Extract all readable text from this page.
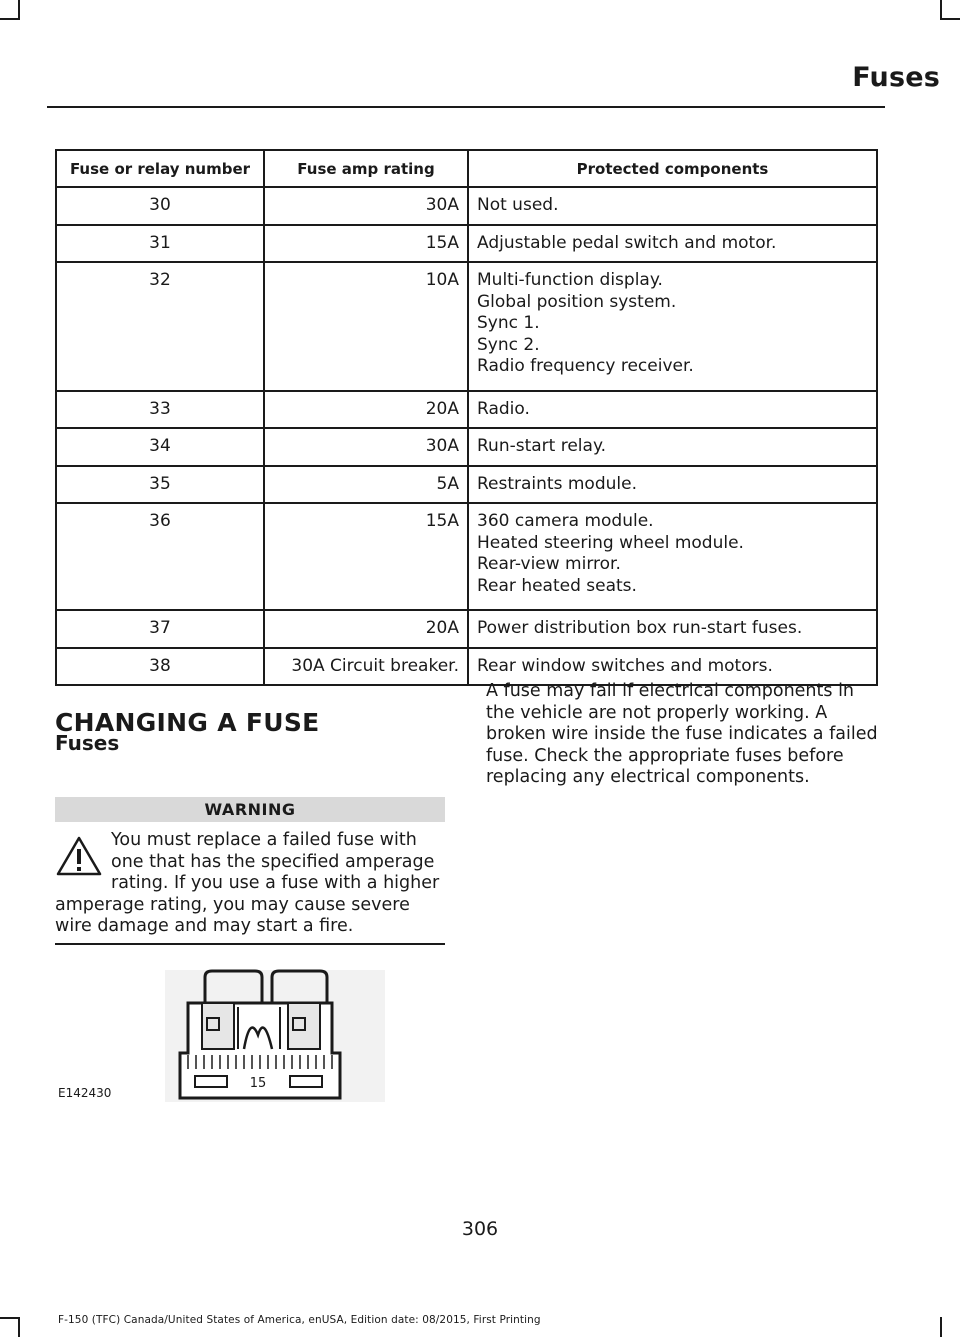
Fuses
Fuse or relay number	Fuse amp rating	Protected components
30	30A	Not used.

31	15A	Adjustable pedal switch and motor.

32	10A	Multi-function display.
Global position system.
Sync 1.
Sync 2.
Radio frequency receiver.

33	20A	Radio.

34	30A	Run-start relay.

35	5A	Restraints module.

36	15A	360 camera module.
Heated steering wheel module.
Rear-view mirror.
Rear heated seats.

37	20A	Power distribution box run-start fuses.

38	30A Circuit breaker.	Rear window switches and motors.
CHANGING A FUSE
Fuses
WARNING
You must replace a failed fuse with one that has the specified amperage rating. If you use a fuse with a higher amperage rating, you may cause severe wire damage and may start a fire.
A fuse may fail if electrical components in the vehicle are not properly working. A broken wire inside the fuse indicates a failed fuse. Check the appropriate fuses before replacing any electrical components.
15
E142430
306
F-150 (TFC) Canada/United States of America, enUSA, Edition date: 08/2015, First Printing
